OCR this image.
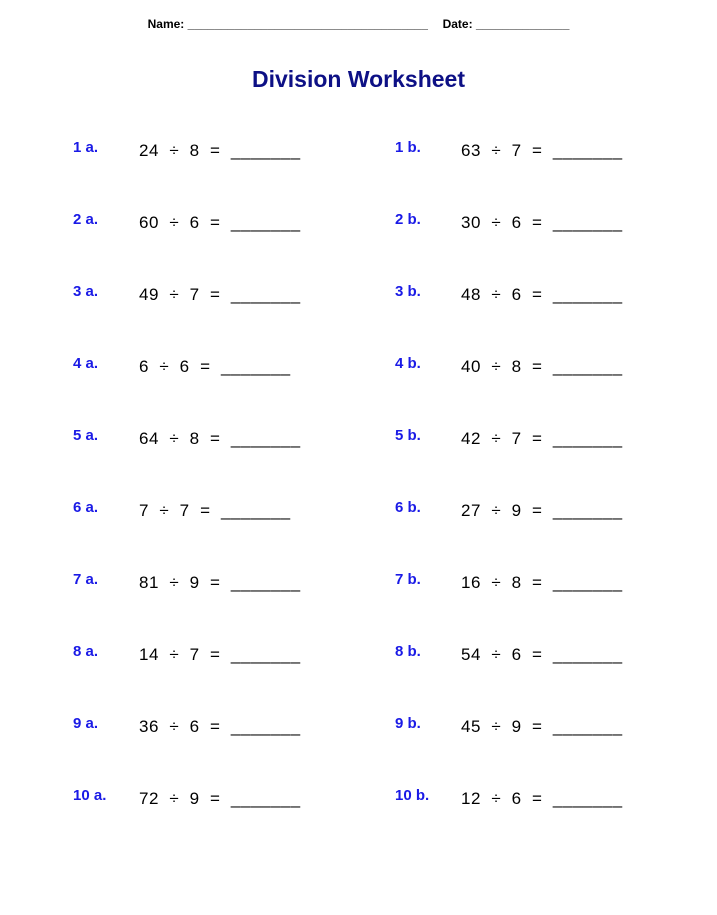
Name: ____________________________________ Date: ______________
Division Worksheet
1 a. 24  ÷  8  =  _______
2 a. 60  ÷  6  =  _______
3 a. 49  ÷  7  =  _______
4 a. 6  ÷  6  =  _______
5 a. 64  ÷  8  =  _______
6 a. 7  ÷  7  =  _______
7 a. 81  ÷  9  =  _______
8 a. 14  ÷  7  =  _______
9 a. 36  ÷  6  =  _______
10 a. 72  ÷  9  =  _______
1 b. 63  ÷  7  =  _______
2 b. 30  ÷  6  =  _______
3 b. 48  ÷  6  =  _______
4 b. 40  ÷  8  =  _______
5 b. 42  ÷  7  =  _______
6 b. 27  ÷  9  =  _______
7 b. 16  ÷  8  =  _______
8 b. 54  ÷  6  =  _______
9 b. 45  ÷  9  =  _______
10 b. 12  ÷  6  =  _______
